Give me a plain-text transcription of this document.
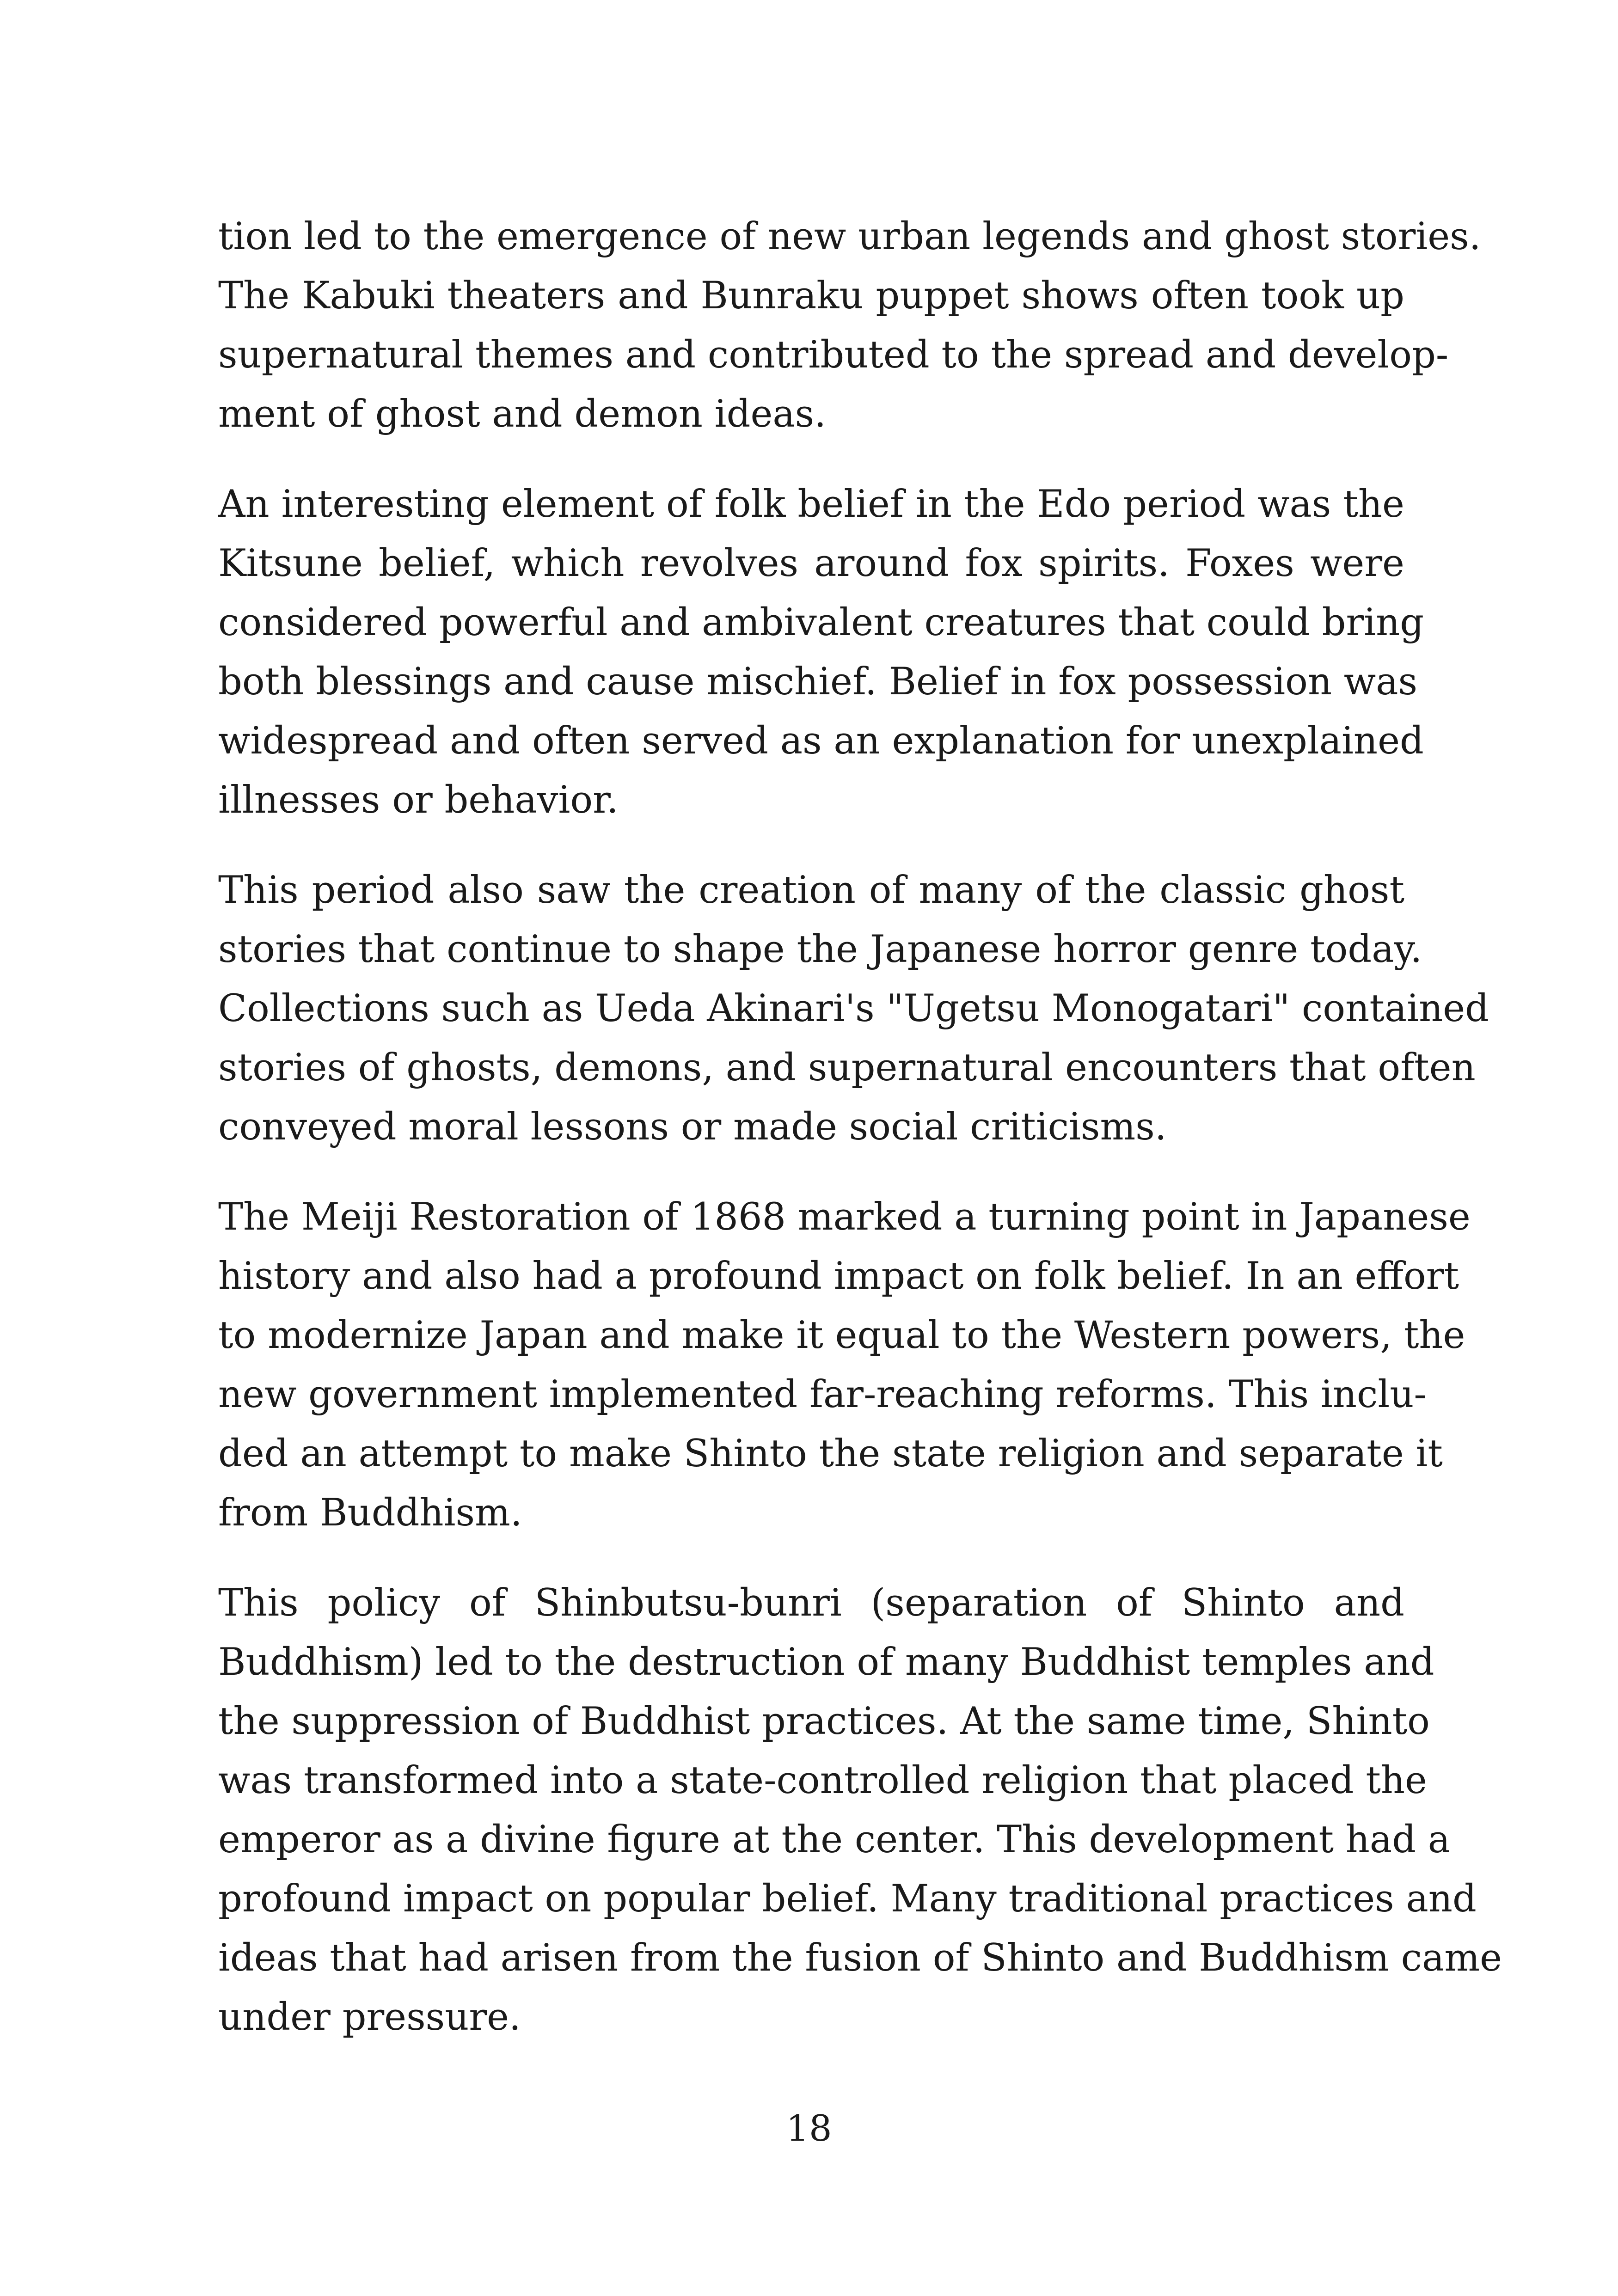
tion led to the emergence of new urban legends and ghost stories.
The Kabuki theaters and Bunraku puppet shows often took up
supernatural themes and contributed to the spread and develop-
ment of ghost and demon ideas.
An interesting element of folk belief in the Edo period was the
Kitsune belief, which revolves around fox spirits. Foxes were
considered powerful and ambivalent creatures that could bring
both blessings and cause mischief. Belief in fox possession was
widespread and often served as an explanation for unexplained
illnesses or behavior.
This period also saw the creation of many of the classic ghost
stories that continue to shape the Japanese horror genre today.
Collections such as Ueda Akinari's "Ugetsu Monogatari" contained
stories of ghosts, demons, and supernatural encounters that often
conveyed moral lessons or made social criticisms.
The Meiji Restoration of 1868 marked a turning point in Japanese
history and also had a profound impact on folk belief. In an effort
to modernize Japan and make it equal to the Western powers, the
new government implemented far-reaching reforms. This inclu-
ded an attempt to make Shinto the state religion and separate it
from Buddhism.
This policy of Shinbutsu-bunri (separation of Shinto and
Buddhism) led to the destruction of many Buddhist temples and
the suppression of Buddhist practices. At the same time, Shinto
was transformed into a state-controlled religion that placed the
emperor as a divine figure at the center. This development had a
profound impact on popular belief. Many traditional practices and
ideas that had arisen from the fusion of Shinto and Buddhism came
under pressure.
18
